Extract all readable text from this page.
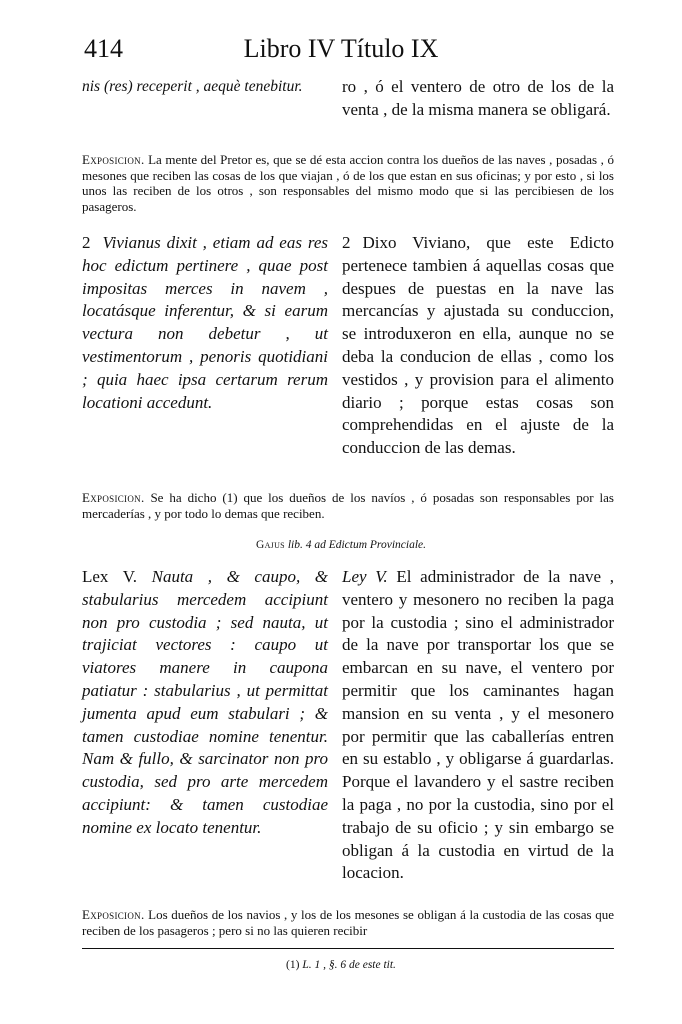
414	Libro IV Título IX
nis (res) receperit , aequè tenebitur.	ro , ó el ventero de otro de los de la venta , de la misma manera se obligará.
Exposicion. La mente del Pretor es, que se dé esta accion contra los dueños de las naves , posadas , ó mesones que reciben las cosas de los que viajan , ó de los que estan en sus oficinas; y por esto , si los unos las reciben de los otros , son responsables del mismo modo que si las percibiesen de los pasageros.
2 Vivianus dixit , etiam ad eas res hoc edictum pertinere , quae post impositas merces in navem , locatásque inferentur, & si earum vectura non debetur , ut vestimentorum , penoris quotidiani ; quia haec ipsa certarum rerum locationi accedunt.
2 Dixo Viviano, que este Edicto pertenece tambien á aquellas cosas que despues de puestas en la nave las mercancías y ajustada su conduccion, se introduxeron en ella, aunque no se deba la conducion de ellas , como los vestidos , y provision para el alimento diario ; porque estas cosas son comprehendidas en el ajuste de la conduccion de las demas.
Exposicion. Se ha dicho (1) que los dueños de los navíos , ó posadas son responsables por las mercaderías , y por todo lo demas que reciben.
Gajus lib. 4 ad Edictum Provinciale.
Lex V. Nauta , & caupo, & stabularius mercedem accipiunt non pro custodia ; sed nauta, ut trajiciat vectores : caupo ut viatores manere in caupona patiatur : stabularius , ut permittat jumenta apud eum stabulari ; & tamen custodiae nomine tenentur. Nam & fullo, & sarcinator non pro custodia, sed pro arte mercedem accipiunt: & tamen custodiae nomine ex locato tenentur.
Ley V. El administrador de la nave , ventero y mesonero no reciben la paga por la custodia ; sino el administrador de la nave por transportar los que se embarcan en su nave, el ventero por permitir que los caminantes hagan mansion en su venta , y el mesonero por permitir que las caballerías entren en su establo , y obligarse á guardarlas. Porque el lavandero y el sastre reciben la paga , no por la custodia, sino por el trabajo de su oficio ; y sin embargo se obligan á la custodia en virtud de la locacion.
Exposicion. Los dueños de los navios , y los de los mesones se obligan á la custodia de las cosas que reciben de los pasageros ; pero si no las quieren recibir
(1) L. 1 , §. 6 de este tit.
